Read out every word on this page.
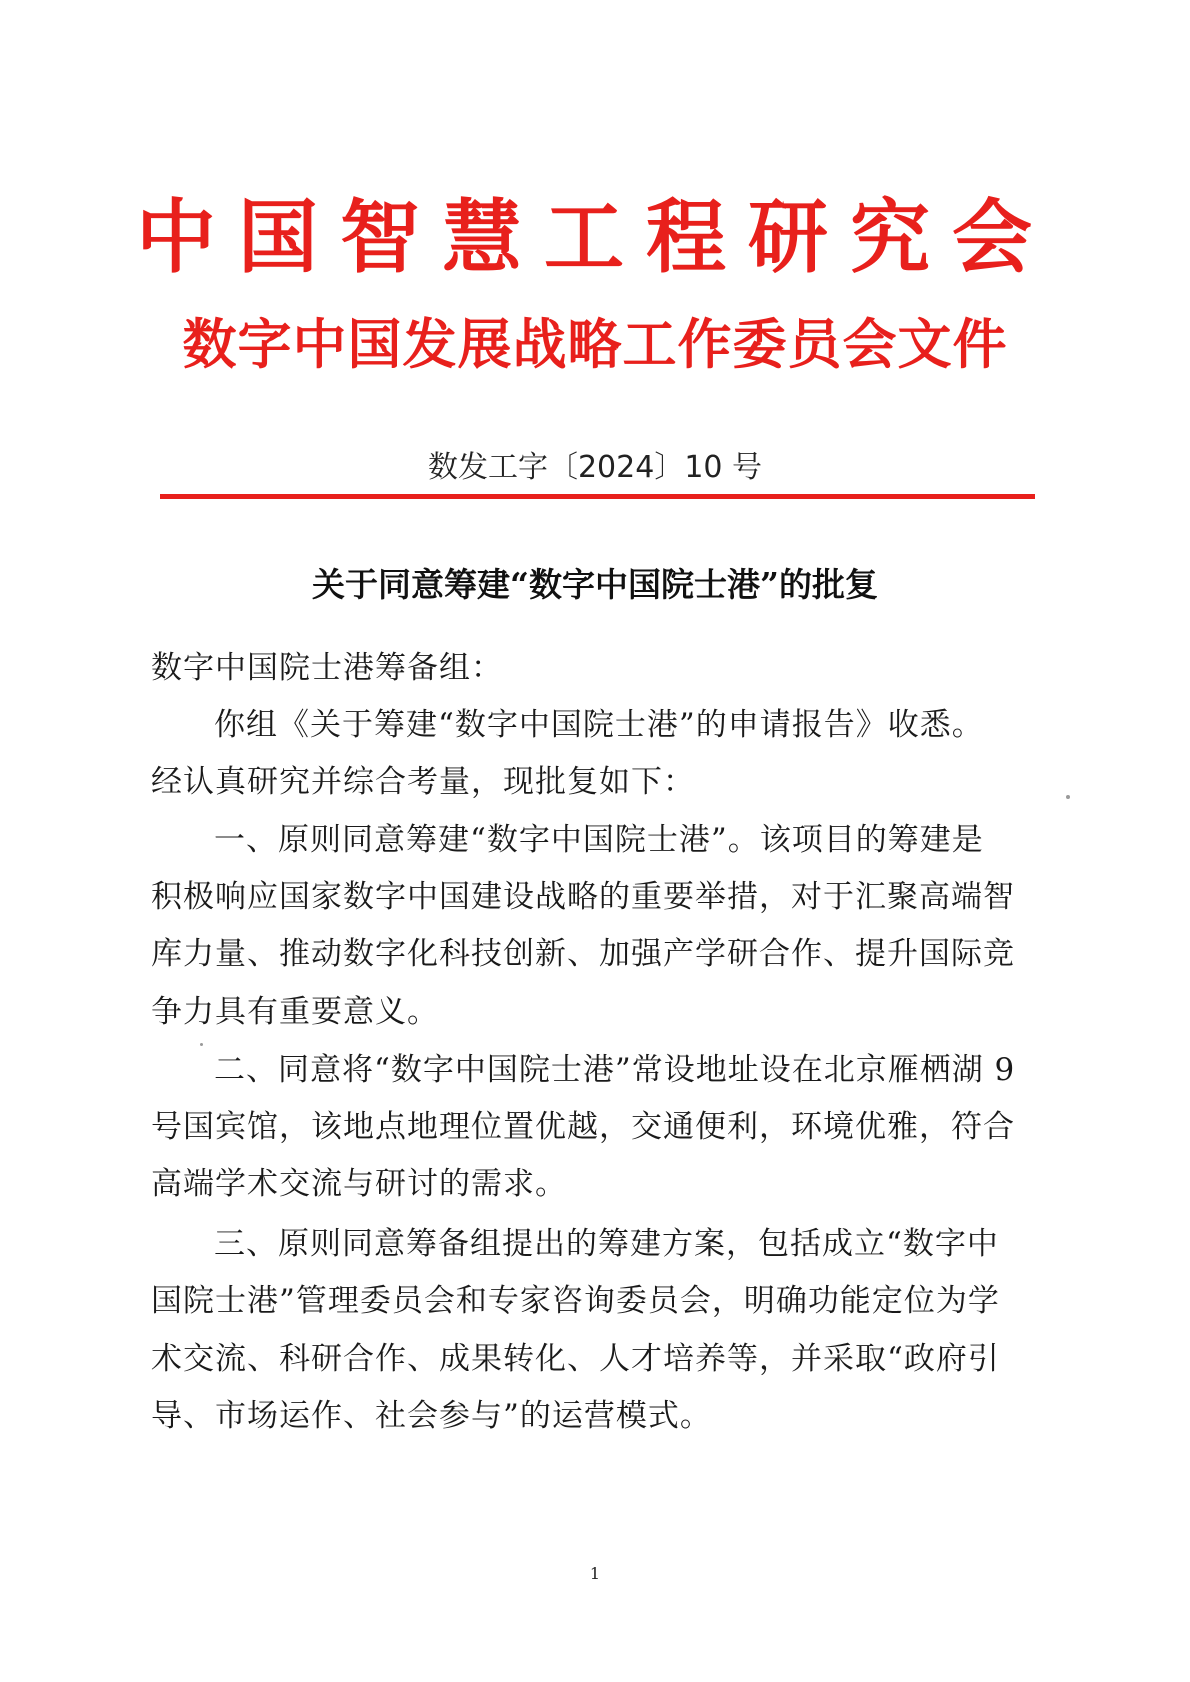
中国智慧工程研究会
数字中国发展战略工作委员会文件
数发工字〔2024〕10 号
关于同意筹建“数字中国院士港”的批复
数字中国院士港筹备组：
你组《关于筹建“数字中国院士港”的申请报告》收悉。
经认真研究并综合考量，现批复如下：
一、原则同意筹建“数字中国院士港”。该项目的筹建是
积极响应国家数字中国建设战略的重要举措，对于汇聚高端智
库力量、推动数字化科技创新、加强产学研合作、提升国际竞
争力具有重要意义。
二、同意将“数字中国院士港”常设地址设在北京雁栖湖 9
号国宾馆，该地点地理位置优越，交通便利，环境优雅，符合
高端学术交流与研讨的需求。
三、原则同意筹备组提出的筹建方案，包括成立“数字中
国院士港”管理委员会和专家咨询委员会，明确功能定位为学
术交流、科研合作、成果转化、人才培养等，并采取“政府引
导、市场运作、社会参与”的运营模式。
1
